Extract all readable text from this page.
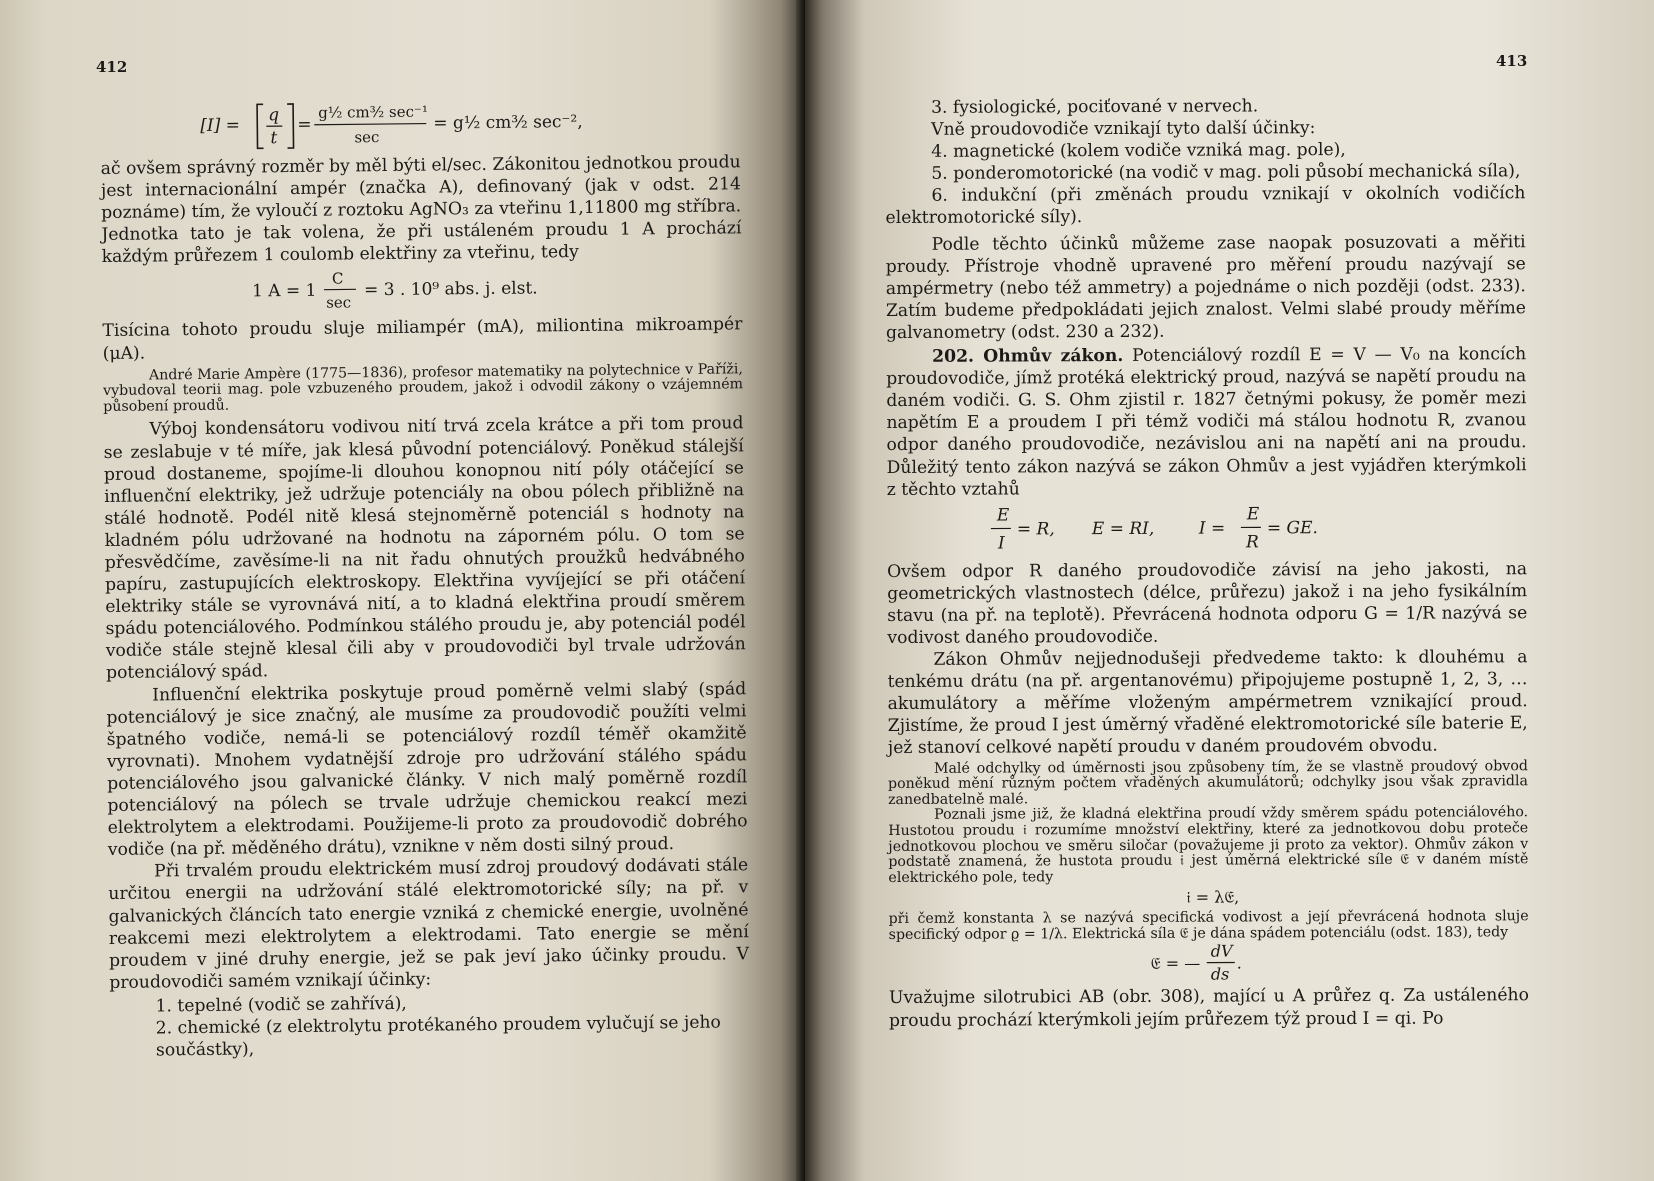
412
[I] =
q
t
=
g½ cm³⁄₂ sec⁻¹
sec
= g½ cm³⁄₂ sec⁻²,

ač ovšem správný rozměr by měl býti el/sec. Zákonitou jednotkou proudu jest internacionální ampér (značka A), definovaný (jak v odst. 214 poznáme) tím, že vyloučí z roztoku AgNO₃ za vteřinu 1,11800 mg stříbra. Jednotka tato je tak volena, že při ustáleném proudu 1 A prochází každým průřezem 1 coulomb elektřiny za vteřinu, tedy

1 A = 1
C
sec
= 3 . 10⁹ abs. j. elst.

Tisícina tohoto proudu sluje miliampér (mA), miliontina mikroampér (μA).

André Marie Ampère (1775—1836), profesor matematiky na polytechnice v Paříži, vybudoval teorii mag. pole vzbuzeného proudem, jakož i odvodil zákony o vzájemném působení proudů.

Výboj kondensátoru vodivou nití trvá zcela krátce a při tom proud se zeslabuje v té míře, jak klesá původní potenciálový. Poněkud stálejší proud dostaneme, spojíme-li dlouhou konopnou nití póly otáčející se influenční elektriky, jež udržuje potenciály na obou pólech přibližně na stálé hodnotě. Podél nitě klesá stejnoměrně potenciál s hodnoty na kladném pólu udržované na hodnotu na záporném pólu. O tom se přesvědčíme, zavěsíme-li na nit řadu ohnutých proužků hedvábného papíru, zastupujících elektroskopy. Elektřina vyvíjející se při otáčení elektriky stále se vyrovnává nití, a to kladná elektřina proudí směrem spádu potenciálového. Podmínkou stálého proudu je, aby potenciál podél vodiče stále stejně klesal čili aby v proudovodiči byl trvale udržován potenciálový spád.

Influenční elektrika poskytuje proud poměrně velmi slabý (spád potenciálový je sice značný, ale musíme za proudovodič použíti velmi špatného vodiče, nemá-li se potenciálový rozdíl téměř okamžitě vyrovnati). Mnohem vydatnější zdroje pro udržování stálého spádu potenciálového jsou galvanické články. V nich malý poměrně rozdíl potenciálový na pólech se trvale udržuje chemickou reakcí mezi elektrolytem a elektrodami. Použijeme-li proto za proudovodič dobrého vodiče (na př. měděného drátu), vznikne v něm dosti silný proud.

Při trvalém proudu elektrickém musí zdroj proudový dodávati stále určitou energii na udržování stálé elektromotorické síly; na př. v galvanických článcích tato energie vzniká z chemické energie, uvolněné reakcemi mezi elektrolytem a elektrodami. Tato energie se mění proudem v jiné druhy energie, jež se pak jeví jako účinky proudu. V proudovodiči samém vznikají účinky:

1. tepelné (vodič se zahřívá),

2. chemické (z elektrolytu protékaného proudem vylučují se jeho součástky),

413

3. fysiologické, pociťované v nervech.

Vně proudovodiče vznikají tyto další účinky:

4. magnetické (kolem vodiče vzniká mag. pole),

5. ponderomotorické (na vodič v mag. poli působí mechanická síla),

6. indukční (při změnách proudu vznikají v okolních vodičích elektromotorické síly).

Podle těchto účinků můžeme zase naopak posuzovati a měřiti proudy. Přístroje vhodně upravené pro měření proudu nazývají se ampérmetry (nebo též ammetry) a pojednáme o nich později (odst. 233). Zatím budeme předpokládati jejich znalost. Velmi slabé proudy měříme galvanometry (odst. 230 a 232).

202. Ohmův zákon. Potenciálový rozdíl E = V — V₀ na koncích proudovodiče, jímž protéká elektrický proud, nazývá se napětí proudu na daném vodiči. G. S. Ohm zjistil r. 1827 četnými pokusy, že poměr mezi napětím E a proudem I při témž vodiči má stálou hodnotu R, zvanou odpor daného proudovodiče, nezávislou ani na napětí ani na proudu. Důležitý tento zákon nazývá se zákon Ohmův a jest vyjádřen kterýmkoli z těchto vztahů

E
I
= R, E = RI,	I =
E
R
= GE.

Ovšem odpor R daného proudovodiče závisí na jeho jakosti, na geometrických vlastnostech (délce, průřezu) jakož i na jeho fysikálním stavu (na př. na teplotě). Převrácená hodnota odporu G = 1/R nazývá se vodivost daného proudovodiče.

Zákon Ohmův nejjednodušeji předvedeme takto: k dlouhému a tenkému drátu (na př. argentanovému) připojujeme postupně 1, 2, 3, … akumulátory a měříme vloženým ampérmetrem vznikající proud. Zjistíme, že proud I jest úměrný vřaděné elektromotorické síle baterie E, jež stanoví celkové napětí proudu v daném proudovém obvodu.

Malé odchylky od úměrnosti jsou způsobeny tím, že se vlastně proudový obvod poněkud mění různým počtem vřaděných akumulátorů; odchylky jsou však zpravidla zanedbatelně malé.

Poznali jsme již, že kladná elektřina proudí vždy směrem spádu potenciálového. Hustotou proudu 𝔦 rozumíme množství elektřiny, které za jednotkovou dobu proteče jednotkovou plochou ve směru siločar (považujeme ji proto za vektor). Ohmův zákon v podstatě znamená, že hustota proudu 𝔦 jest úměrná elektrické síle 𝔈 v daném místě elektrického pole, tedy

𝔦 = λ𝔈,

při čemž konstanta λ se nazývá specifická vodivost a její převrácená hodnota sluje specifický odpor ϱ = 1/λ. Elektrická síla 𝔈 je dána spádem potenciálu (odst. 183), tedy

𝔈 = —
dV
ds
.

Uvažujme silotrubici AB (obr. 308), mající u A průřez q. Za ustáleného proudu prochází kterýmkoli jejím průřezem týž proud I = qi. Po
